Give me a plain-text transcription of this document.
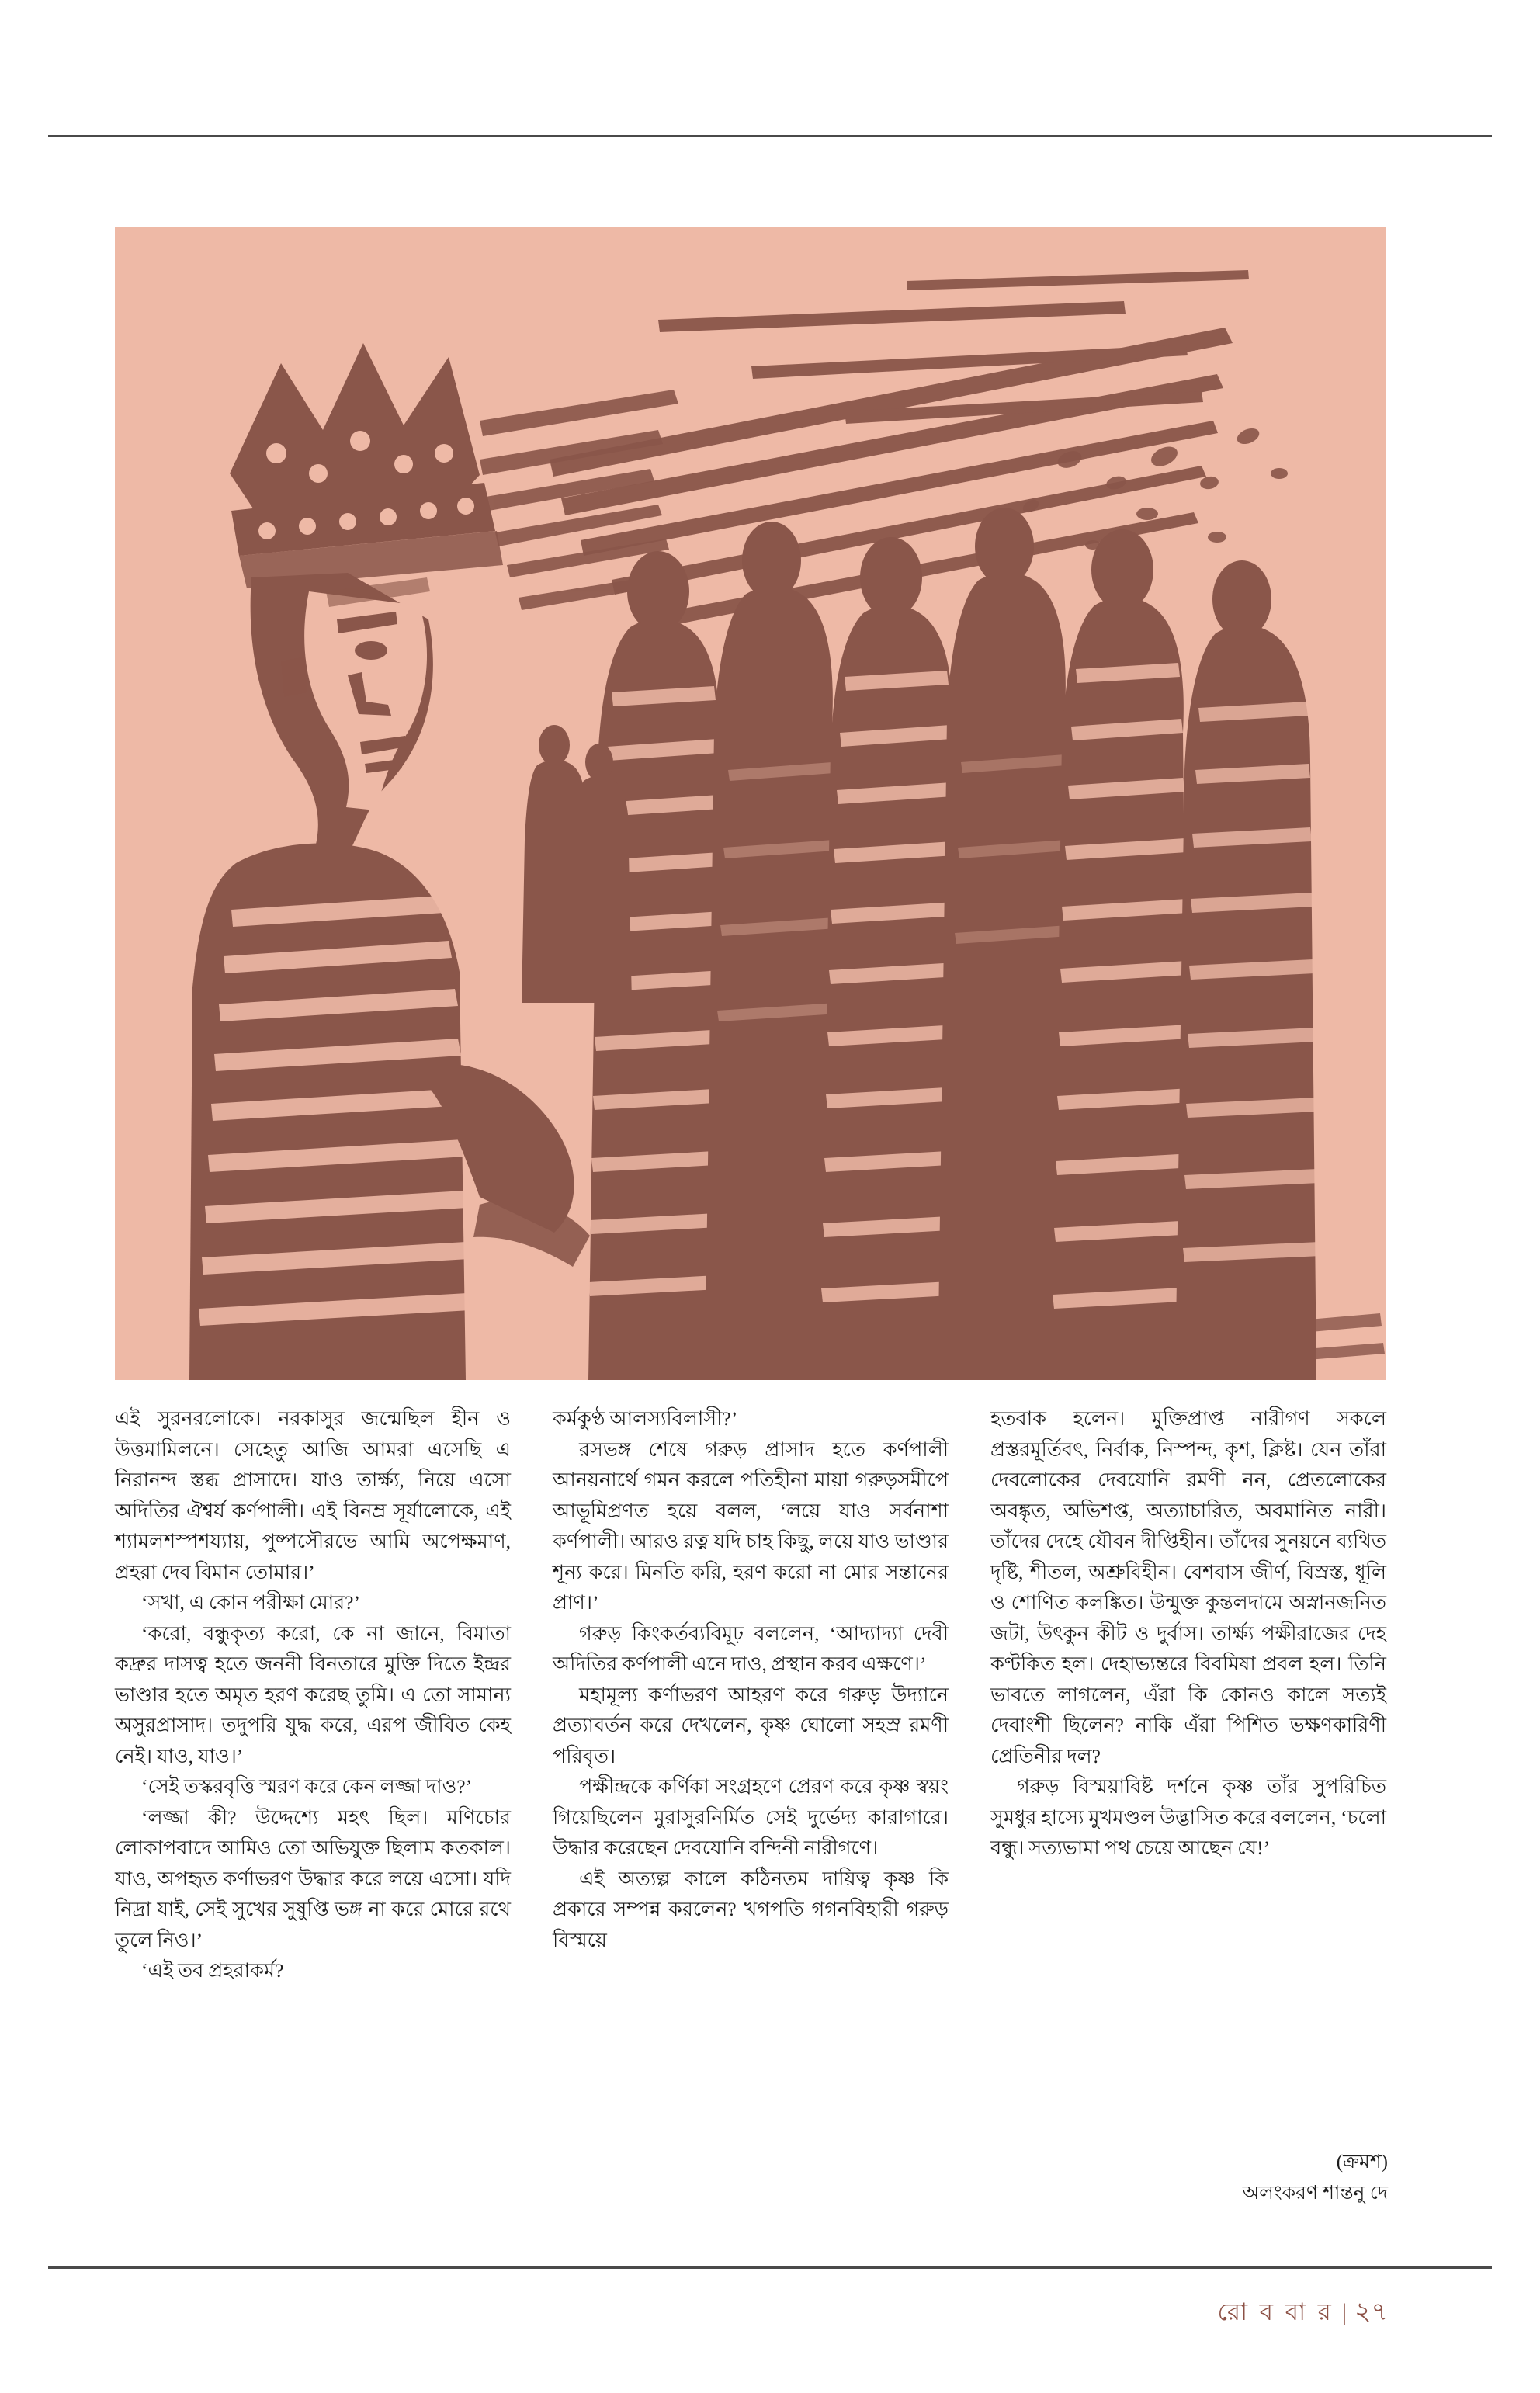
এই সুরনরলোকে। নরকাসুর জন্মেছিল হীন ও উত্তমামিলনে। সেহেতু আজি আমরা এসেছি এ নিরানন্দ স্তব্ধ প্রাসাদে। যাও তার্ক্ষ্য, নিয়ে এসো অদিতির ঐশ্বর্য কর্ণপালী। এই বিনম্র সূর্যালোকে, এই শ্যামলশস্পশয্যায়, পুষ্পসৌরভে আমি অপেক্ষমাণ, প্রহরা দেব বিমান তোমার।’

‘সখা, এ কোন পরীক্ষা মোর?’

‘করো, বন্ধুকৃত্য করো, কে না জানে, বিমাতা কদ্রুর দাসত্ব হতে জননী বিনতারে মুক্তি দিতে ইন্দ্রর ভাণ্ডার হতে অমৃত হরণ করেছ তুমি। এ তো সামান্য অসুরপ্রাসাদ। তদুপরি যুদ্ধ করে, এরপ জীবিত কেহ নেই। যাও, যাও।’

‘সেই তস্করবৃত্তি স্মরণ করে কেন লজ্জা দাও?’

‘লজ্জা কী? উদ্দেশ্যে মহৎ ছিল। মণিচোর লোকাপবাদে আমিও তো অভিযুক্ত ছিলাম কতকাল। যাও, অপহৃত কর্ণাভরণ উদ্ধার করে লয়ে এসো। যদি নিদ্রা যাই, সেই সুখের সুষুপ্তি ভঙ্গ না করে মোরে রথে তুলে নিও।’

‘এই তব প্রহরাকর্ম?

কর্মকুণ্ঠ আলস্যবিলাসী?’

রসভঙ্গ শেষে গরুড় প্রাসাদ হতে কর্ণপালী আনয়নার্থে গমন করলে পতিহীনা মায়া গরুড়সমীপে আভূমিপ্রণত হয়ে বলল, ‘লয়ে যাও সর্বনাশা কর্ণপালী। আরও রত্ন যদি চাহ কিছু, লয়ে যাও ভাণ্ডার শূন্য করে। মিনতি করি, হরণ করো না মোর সন্তানের প্রাণ।’

গরুড় কিংকর্তব্যবিমূঢ় বললেন, ‘আদ্যাদ্যা দেবী অদিতির কর্ণপালী এনে দাও, প্রস্থান করব এক্ষণে।’

মহামূল্য কর্ণাভরণ আহরণ করে গরুড় উদ্যানে প্রত্যাবর্তন করে দেখলেন, কৃষ্ণ ঘোলো সহস্র রমণী পরিবৃত।

পক্ষীন্দ্রকে কর্ণিকা সংগ্রহণে প্রেরণ করে কৃষ্ণ স্বয়ং গিয়েছিলেন মুরাসুরনির্মিত সেই দুর্ভেদ্য কারাগারে। উদ্ধার করেছেন দেবযোনি বন্দিনী নারীগণে।

এই অত্যল্প কালে কঠিনতম দায়িত্ব কৃষ্ণ কি প্রকারে সম্পন্ন করলেন? খগপতি গগনবিহারী গরুড় বিস্ময়ে

হতবাক হলেন। মুক্তিপ্রাপ্ত নারীগণ সকলে প্রস্তরমূর্তিবৎ, নির্বাক, নিস্পন্দ, কৃশ, ক্লিষ্ট। যেন তাঁরা দেবলোকের দেবযোনি রমণী নন, প্রেতলোকের অবঙ্কৃত, অভিশপ্ত, অত্যাচারিত, অবমানিত নারী। তাঁদের দেহে যৌবন দীপ্তিহীন। তাঁদের সুনয়নে ব্যথিত দৃষ্টি, শীতল, অশ্রুবিহীন। বেশবাস জীর্ণ, বিস্রস্ত, ধূলি ও শোণিত কলঙ্কিত। উন্মুক্ত কুন্তলদামে অস্নানজনিত জটা, উৎকুন কীট ও দুর্বাস। তার্ক্ষ্য পক্ষীরাজের দেহ কণ্টকিত হল। দেহাভ্যন্তরে বিবমিষা প্রবল হল। তিনি ভাবতে লাগলেন, এঁরা কি কোনও কালে সত্যই দেবাংশী ছিলেন? নাকি এঁরা পিশিত ভক্ষণকারিণী প্রেতিনীর দল?

গরুড় বিস্ময়াবিষ্ট দর্শনে কৃষ্ণ তাঁর সুপরিচিত সুমধুর হাস্যে মুখমণ্ডল উদ্ভাসিত করে বললেন, ‘চলো বন্ধু। সত্যভামা পথ চেয়ে আছেন যে!’

(ক্রমশ)
অলংকরণ শান্তনু দে
রো ব বা র | ২৭
